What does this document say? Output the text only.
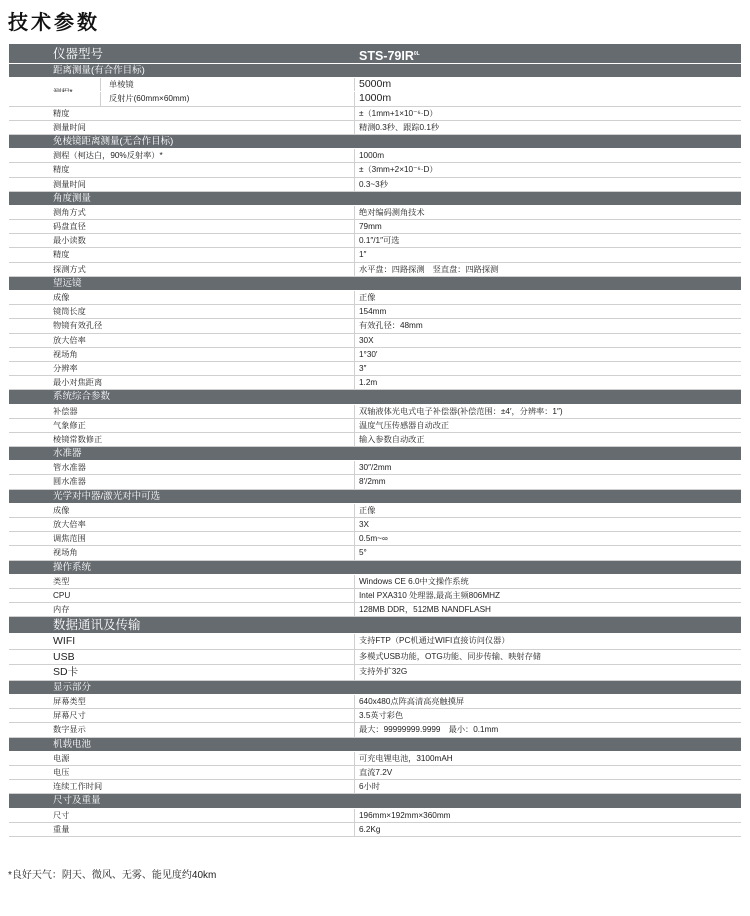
技术参数
仪器型号	STS-$79IR^{0L}$
距离测量(有合作目标)
单棱镜	5000m
反射片(60mm×60mm)	1000m
精度	±（1mm+1×10⁻⁶·D）
测量时间	精测0.3秒、跟踪0.1秒
免棱镜距离测量(无合作目标)
测程（柯达白，90%反射率）*	1000m
精度	±（3mm+2×10⁻⁶·D）
测量时间	0.3~3秒
角度测量
测角方式	绝对编码测角技术
码盘直径	79mm
最小读数	0.1″/1″可选
精度	1″
探测方式	水平盘：四路探测　竖直盘：四路探测
望远镜
成像	正像
镜筒长度	154mm
物镜有效孔径	有效孔径：48mm
放大倍率	30X
视场角	1°30′
分辨率	3″
最小对焦距离	1.2m
系统综合参数
补偿器	双轴液体光电式电子补偿器(补偿范围：±4′，分辨率：1″)
气象修正	温度气压传感器自动改正
棱镜常数修正	输入参数自动改正
水准器
管水准器	30″/2mm
圆水准器	8′/2mm
光学对中器/激光对中可选
成像	正像
放大倍率	3X
调焦范围	0.5m~∞
视场角	5°
操作系统
类型	Windows CE 6.0中文操作系统
CPU	Intel PXA310 处理器,最高主频806MHZ
内存	128MB DDR，512MB NANDFLASH
数据通讯及传输
WIFI	支持FTP（PC机通过WIFI直接访问仪器）
USB	多模式USB功能，OTG功能、同步传输、映射存储
SD卡	支持外扩32G
显示部分
屏幕类型	640x480点阵高清高亮触摸屏
屏幕尺寸	3.5英寸彩色
数字显示	最大：99999999.9999　最小：0.1mm
机载电池
电源	可充电锂电池，3100mAH
电压	直流7.2V
连续工作时间	6小时
尺寸及重量
尺寸	196mm×192mm×360mm
重量	6.2Kg
*良好天气：阴天、微风、无雾、能见度约40km
